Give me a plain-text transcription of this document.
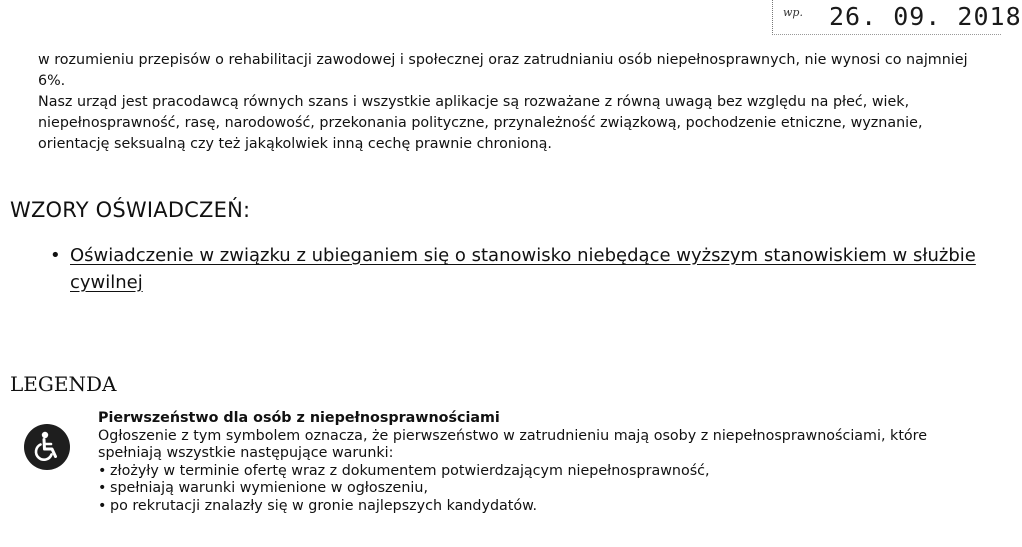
wp. 26. 09. 2018

w rozumieniu przepisów o rehabilitacji zawodowej i społecznej oraz zatrudnianiu osób niepełnosprawnych, nie wynosi co najmniej 6%.

Nasz urząd jest pracodawcą równych szans i wszystkie aplikacje są rozważane z równą uwagą bez względu na płeć, wiek, niepełnosprawność, rasę, narodowość, przekonania polityczne, przynależność związkową, pochodzenie etniczne, wyznanie, orientację seksualną czy też jakąkolwiek inną cechę prawnie chronioną.

WZORY OŚWIADCZEŃ:
• Oświadczenie w związku z ubieganiem się o stanowisko niebędące wyższym stanowiskiem w służbie cywilnej
LEGENDA
Pierwszeństwo dla osób z niepełnosprawnościami
Ogłoszenie z tym symbolem oznacza, że pierwszeństwo w zatrudnieniu mają osoby z niepełnosprawnościami, które spełniają wszystkie następujące warunki:
• złożyły w terminie ofertę wraz z dokumentem potwierdzającym niepełnosprawność,
• spełniają warunki wymienione w ogłoszeniu,
• po rekrutacji znalazły się w gronie najlepszych kandydatów.
